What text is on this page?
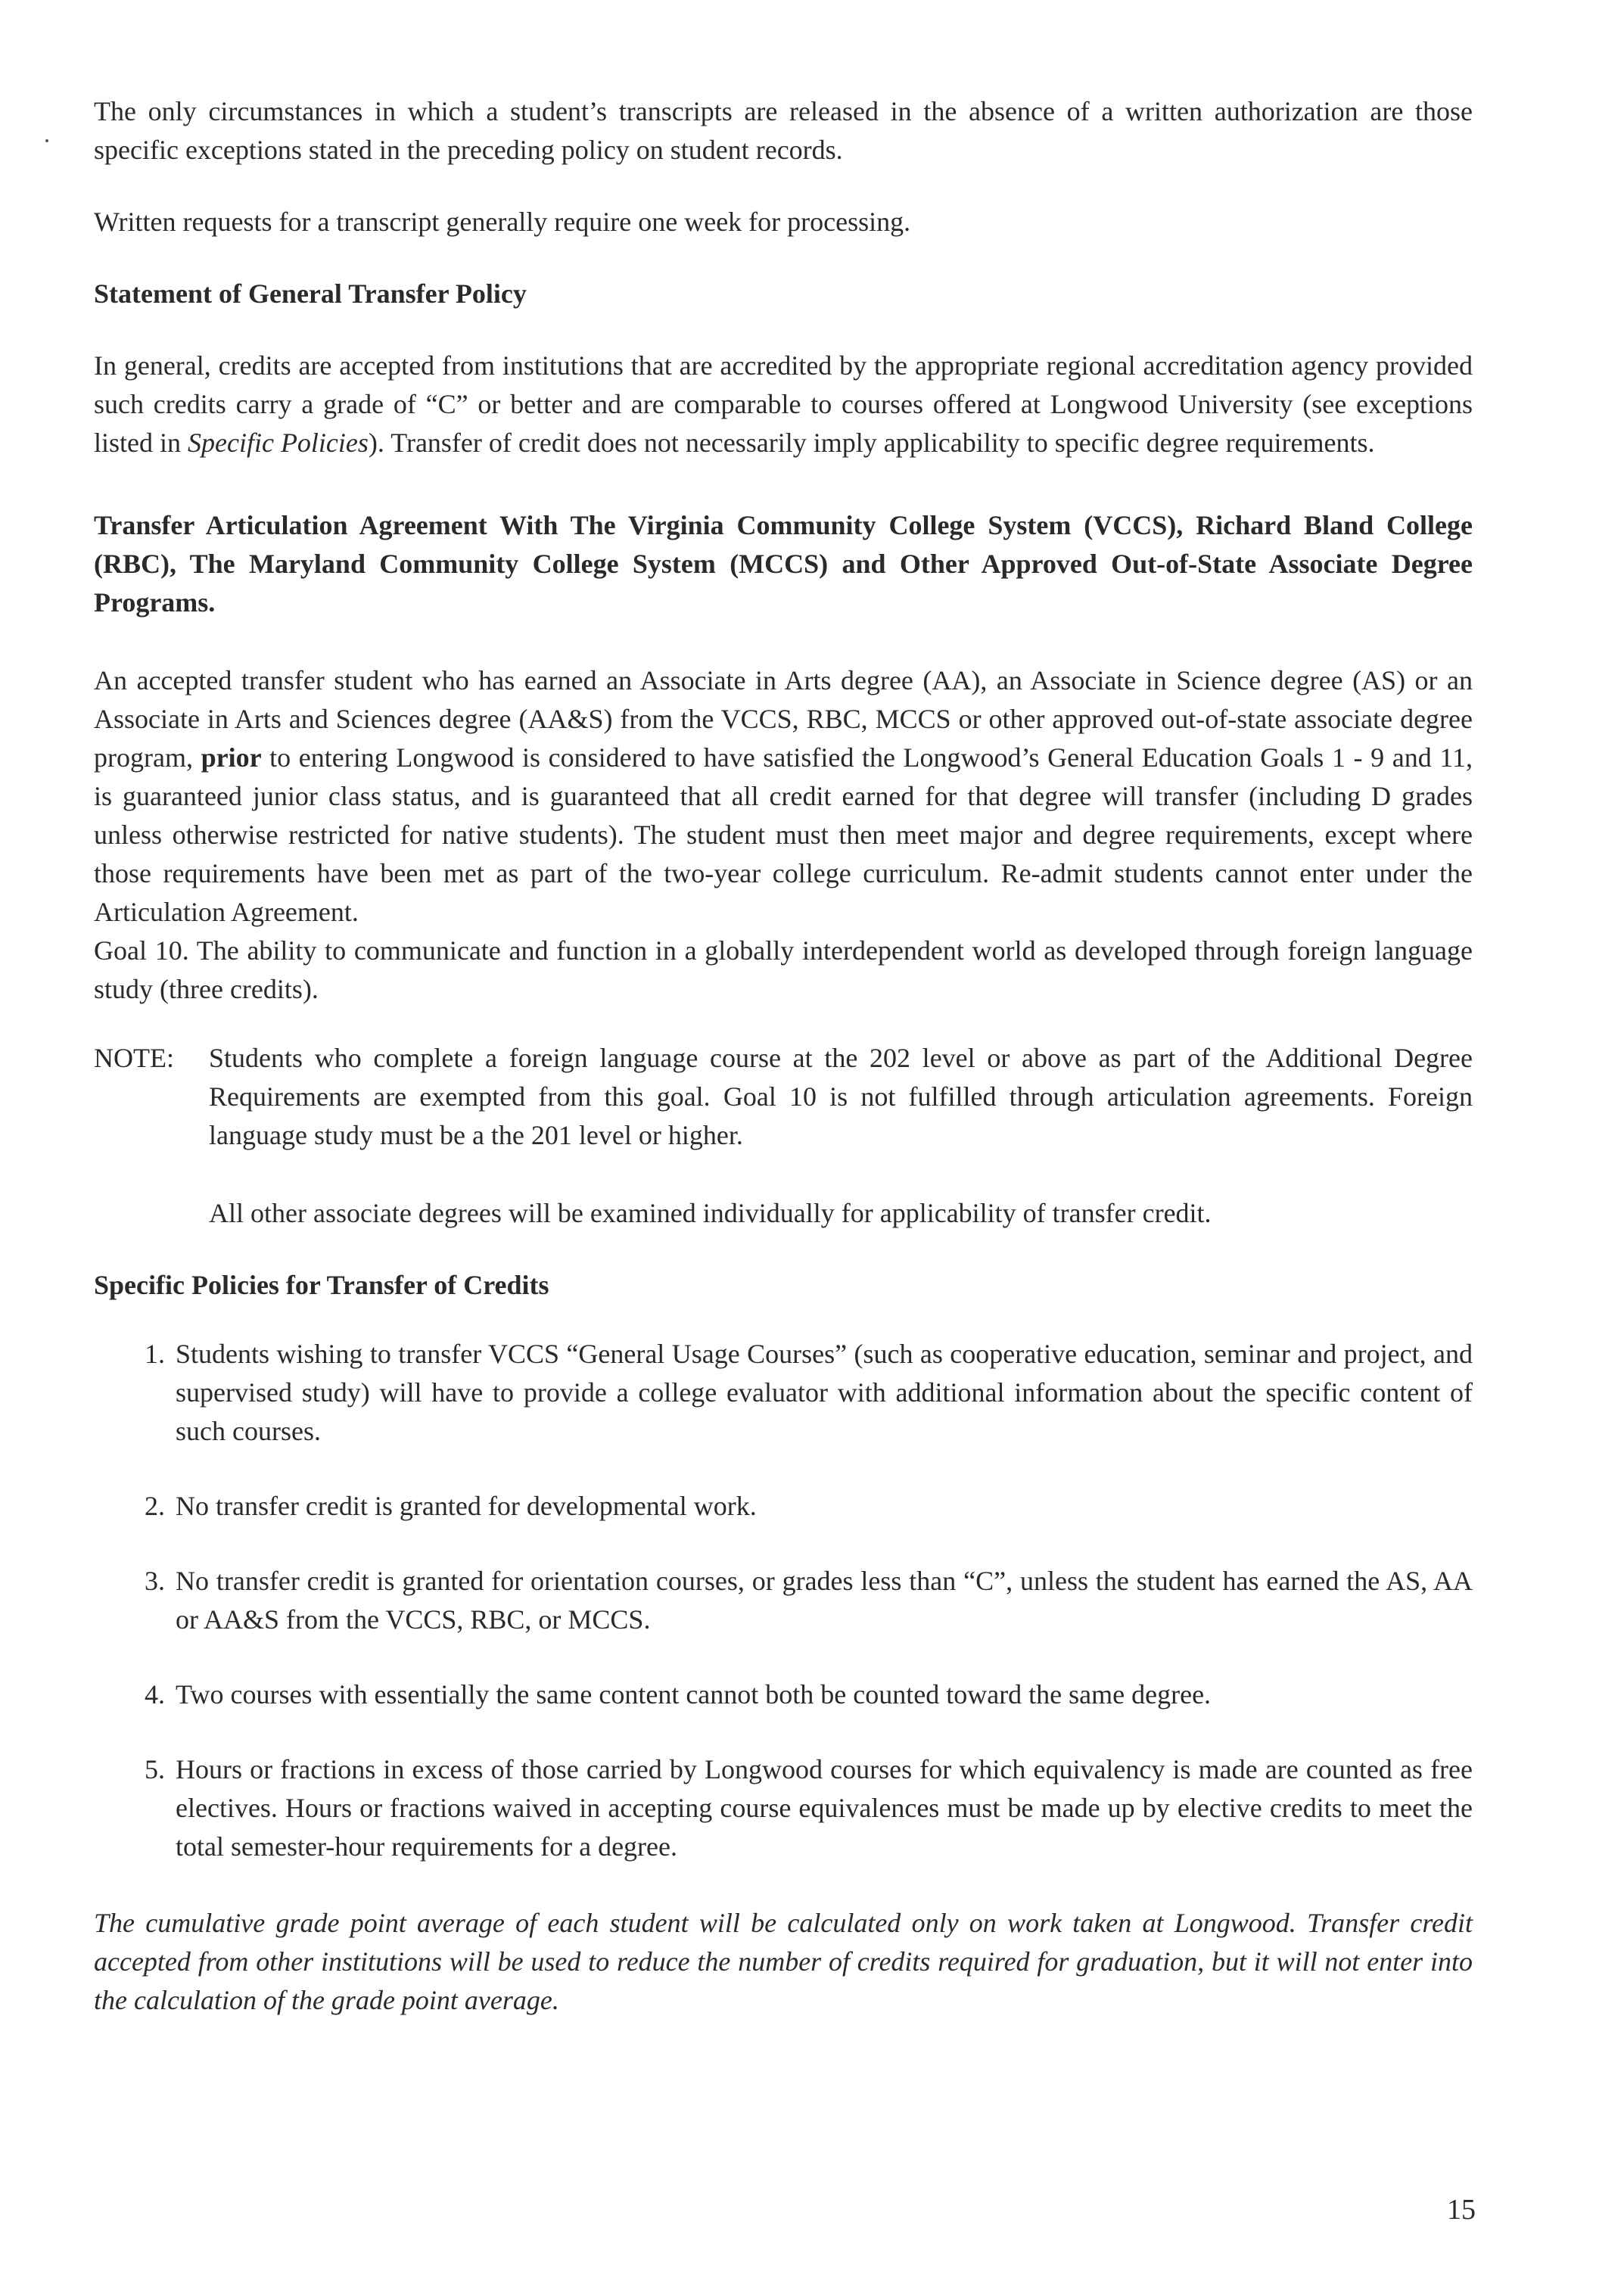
The only circumstances in which a student’s transcripts are released in the absence of a written authorization are those specific exceptions stated in the preceding policy on student records.

Written requests for a transcript generally require one week for processing.

Statement of General Transfer Policy

In general, credits are accepted from institutions that are accredited by the appropriate regional accreditation agency provided such credits carry a grade of “C” or better and are comparable to courses offered at Longwood University (see exceptions listed in Specific Policies). Transfer of credit does not necessarily imply applicability to specific degree requirements.

Transfer Articulation Agreement With The Virginia Community College System (VCCS), Richard Bland College (RBC), The Maryland Community College System (MCCS) and Other Approved Out-of-State Associate Degree Programs.

An accepted transfer student who has earned an Associate in Arts degree (AA), an Associate in Science degree (AS) or an Associate in Arts and Sciences degree (AA&S) from the VCCS, RBC, MCCS or other approved out-of-state associate degree program, prior to entering Longwood is considered to have satisfied the Longwood’s General Education Goals 1 - 9 and 11, is guaranteed junior class status, and is guaranteed that all credit earned for that degree will transfer (including D grades unless otherwise restricted for native students). The student must then meet major and degree requirements, except where those requirements have been met as part of the two-year college curriculum. Re-admit students cannot enter under the Articulation Agreement.

Goal 10. The ability to communicate and function in a globally interdependent world as developed through foreign language study (three credits).

NOTE:	Students who complete a foreign language course at the 202 level or above as part of the Additional Degree Requirements are exempted from this goal. Goal 10 is not fulfilled through articulation agreements. Foreign language study must be a the 201 level or higher.

All other associate degrees will be examined individually for applicability of transfer credit.

Specific Policies for Transfer of Credits
1. Students wishing to transfer VCCS “General Usage Courses” (such as cooperative education, seminar and project, and supervised study) will have to provide a college evaluator with additional information about the specific content of such courses.

2. No transfer credit is granted for developmental work.

3. No transfer credit is granted for orientation courses, or grades less than “C”, unless the student has earned the AS, AA or AA&S from the VCCS, RBC, or MCCS.

4. Two courses with essentially the same content cannot both be counted toward the same degree.

5. Hours or fractions in excess of those carried by Longwood courses for which equivalency is made are counted as free electives. Hours or fractions waived in accepting course equivalences must be made up by elective credits to meet the total semester-hour requirements for a degree.

The cumulative grade point average of each student will be calculated only on work taken at Longwood. Transfer credit accepted from other institutions will be used to reduce the number of credits required for graduation, but it will not enter into the calculation of the grade point average.

15
